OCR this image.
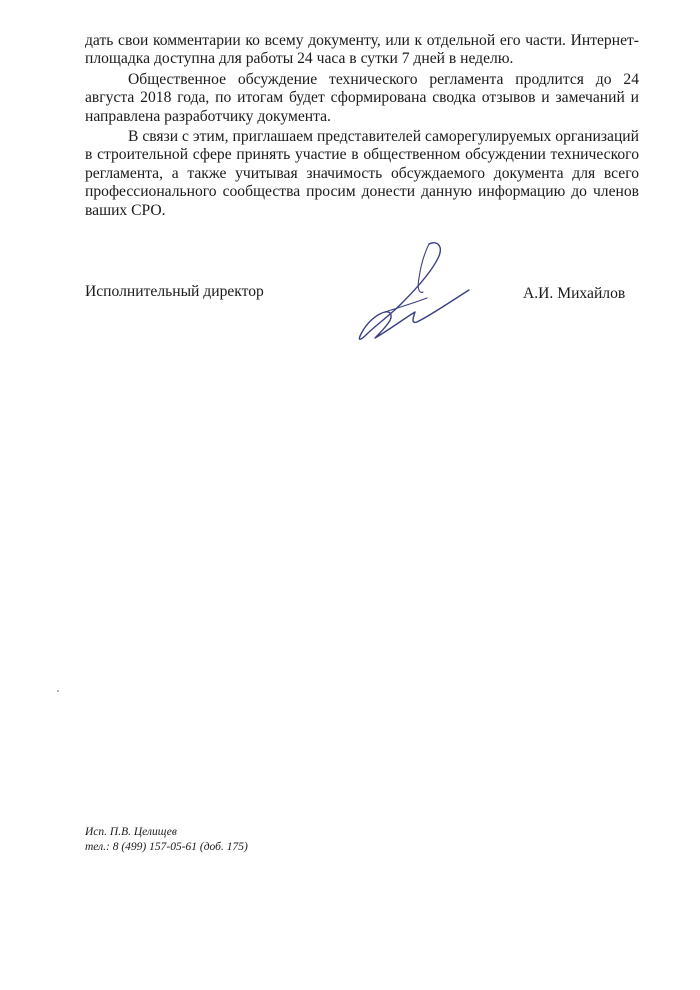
дать свои комментарии ко всему документу, или к отдельной его части. Интернет-площадка доступна для работы 24 часа в сутки 7 дней в неделю.

Общественное обсуждение технического регламента продлится до 24 августа 2018 года, по итогам будет сформирована сводка отзывов и замечаний и направлена разработчику документа.

В связи с этим, приглашаем представителей саморегулируемых организаций в строительной сфере принять участие в общественном обсуждении технического регламента, а также учитывая значимость обсуждаемого документа для всего профессионального сообщества просим донести данную информацию до членов ваших СРО.

Исполнительный директор	А.И. Михайлов
Исп. П.В. Целищев
тел.: 8 (499) 157-05-61 (доб. 175)
